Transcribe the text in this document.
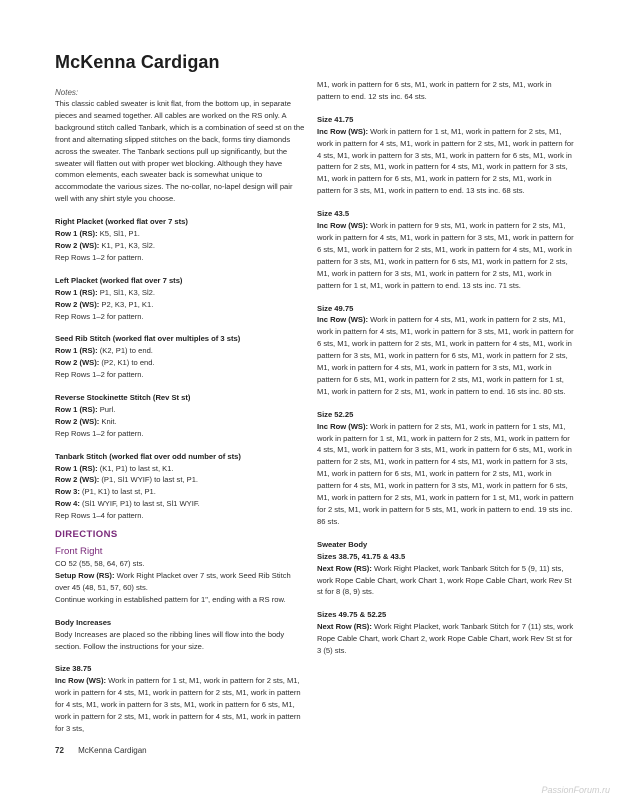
McKenna Cardigan
Notes:

This classic cabled sweater is knit flat, from the bottom up, in separate pieces and seamed together. All cables are worked on the RS only. A background stitch called Tanbark, which is a combination of seed st on the front and alternating slipped stitches on the back, forms tiny diamonds across the sweater. The Tanbark sections pull up significantly, but the sweater will flatten out with proper wet blocking. Although they have common elements, each sweater back is somewhat unique to accommodate the various sizes. The no-collar, no-lapel design will pair well with any shirt style you choose.

Right Placket (worked flat over 7 sts)

Row 1 (RS): K5, Sl1, P1.

Row 2 (WS): K1, P1, K3, Sl2.

Rep Rows 1–2 for pattern.

Left Placket (worked flat over 7 sts)

Row 1 (RS): P1, Sl1, K3, Sl2.

Row 2 (WS): P2, K3, P1, K1.

Rep Rows 1–2 for pattern.

Seed Rib Stitch (worked flat over multiples of 3 sts)

Row 1 (RS): (K2, P1) to end.

Row 2 (WS): (P2, K1) to end.

Rep Rows 1–2 for pattern.

Reverse Stockinette Stitch (Rev St st)

Row 1 (RS): Purl.

Row 2 (WS): Knit.

Rep Rows 1–2 for pattern.

Tanbark Stitch (worked flat over odd number of sts)

Row 1 (RS): (K1, P1) to last st, K1.

Row 2 (WS): (P1, Sl1 WYIF) to last st, P1.

Row 3: (P1, K1) to last st, P1.

Row 4: (Sl1 WYIF, P1) to last st, Sl1 WYIF.

Rep Rows 1–4 for pattern.

DIRECTIONS
Front Right

CO 52 (55, 58, 64, 67) sts.

Setup Row (RS): Work Right Placket over 7 sts, work Seed Rib Stitch over 45 (48, 51, 57, 60) sts.

Continue working in established pattern for 1", ending with a RS row.

Body Increases

Body Increases are placed so the ribbing lines will flow into the body section. Follow the instructions for your size.

Size 38.75

Inc Row (WS): Work in pattern for 1 st, M1, work in pattern for 2 sts, M1, work in pattern for 4 sts, M1, work in pattern for 2 sts, M1, work in pattern for 4 sts, M1, work in pattern for 3 sts, M1, work in pattern for 6 sts, M1, work in pattern for 2 sts, M1, work in pattern for 4 sts, M1, work in pattern for 3 sts,

M1, work in pattern for 6 sts, M1, work in pattern for 2 sts, M1, work in pattern to end. 12 sts inc. 64 sts.

Size 41.75

Inc Row (WS): Work in pattern for 1 st, M1, work in pattern for 2 sts, M1, work in pattern for 4 sts, M1, work in pattern for 2 sts, M1, work in pattern for 4 sts, M1, work in pattern for 3 sts, M1, work in pattern for 6 sts, M1, work in pattern for 2 sts, M1, work in pattern for 4 sts, M1, work in pattern for 3 sts, M1, work in pattern for 6 sts, M1, work in pattern for 2 sts, M1, work in pattern for 3 sts, M1, work in pattern to end. 13 sts inc. 68 sts.

Size 43.5

Inc Row (WS): Work in pattern for 9 sts, M1, work in pattern for 2 sts, M1, work in pattern for 4 sts, M1, work in pattern for 3 sts, M1, work in pattern for 6 sts, M1, work in pattern for 2 sts, M1, work in pattern for 4 sts, M1, work in pattern for 3 sts, M1, work in pattern for 6 sts, M1, work in pattern for 2 sts, M1, work in pattern for 3 sts, M1, work in pattern for 2 sts, M1, work in pattern for 1 st, M1, work in pattern to end. 13 sts inc. 71 sts.

Size 49.75

Inc Row (WS): Work in pattern for 4 sts, M1, work in pattern for 2 sts, M1, work in pattern for 4 sts, M1, work in pattern for 3 sts, M1, work in pattern for 6 sts, M1, work in pattern for 2 sts, M1, work in pattern for 4 sts, M1, work in pattern for 3 sts, M1, work in pattern for 6 sts, M1, work in pattern for 2 sts, M1, work in pattern for 4 sts, M1, work in pattern for 3 sts, M1, work in pattern for 6 sts, M1, work in pattern for 2 sts, M1, work in pattern for 1 st, M1, work in pattern for 2 sts, M1, work in pattern to end. 16 sts inc. 80 sts.

Size 52.25

Inc Row (WS): Work in pattern for 2 sts, M1, work in pattern for 1 sts, M1, work in pattern for 1 st, M1, work in pattern for 2 sts, M1, work in pattern for 4 sts, M1, work in pattern for 3 sts, M1, work in pattern for 6 sts, M1, work in pattern for 2 sts, M1, work in pattern for 4 sts, M1, work in pattern for 3 sts, M1, work in pattern for 6 sts, M1, work in pattern for 2 sts, M1, work in pattern for 4 sts, M1, work in pattern for 3 sts, M1, work in pattern for 6 sts, M1, work in pattern for 2 sts, M1, work in pattern for 1 st, M1, work in pattern for 2 sts, M1, work in pattern for 5 sts, M1, work in pattern to end. 19 sts inc. 86 sts.

Sweater Body
Sizes 38.75, 41.75 & 43.5

Next Row (RS): Work Right Placket, work Tanbark Stitch for 5 (9, 11) sts, work Rope Cable Chart, work Chart 1, work Rope Cable Chart, work Rev St st for 8 (8, 9) sts.

Sizes 49.75 & 52.25

Next Row (RS): Work Right Placket, work Tanbark Stitch for 7 (11) sts, work Rope Cable Chart, work Chart 2, work Rope Cable Chart, work Rev St st for 3 (5) sts.

72 McKenna Cardigan
PassionForum.ru
